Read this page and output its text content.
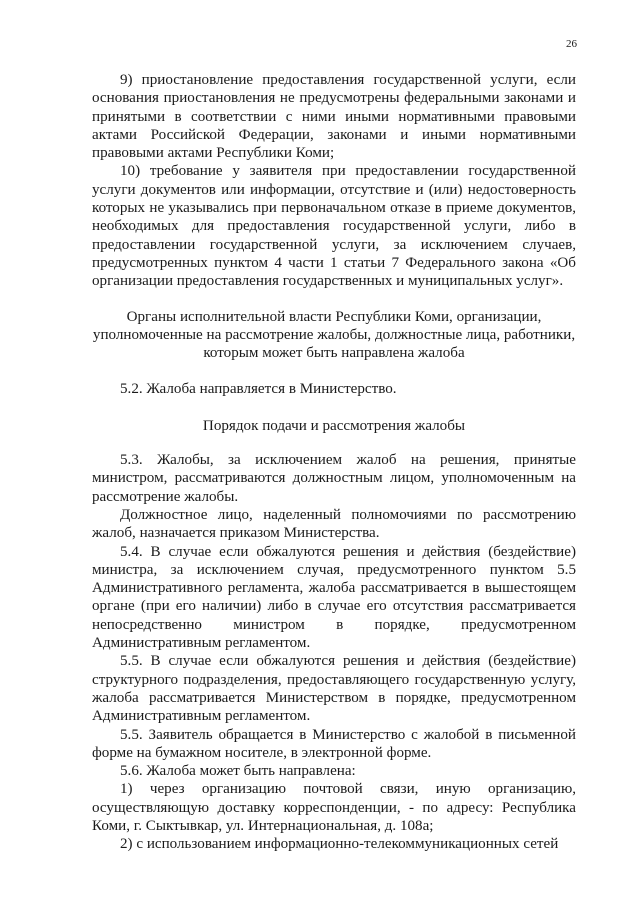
26

9) приостановление предоставления государственной услуги, если основания приостановления не предусмотрены федеральными законами и принятыми в соответствии с ними иными нормативными правовыми актами Российской Федерации, законами и иными нормативными правовыми актами Республики Коми;

10) требование у заявителя при предоставлении государственной услуги документов или информации, отсутствие и (или) недостоверность которых не указывались при первоначальном отказе в приеме документов, необходимых для предоставления государственной услуги, либо в предоставлении государственной услуги, за исключением случаев, предусмотренных пунктом 4 части 1 статьи 7 Федерального закона «Об организации предоставления государственных и муниципальных услуг».

Органы исполнительной власти Республики Коми, организации, уполномоченные на рассмотрение жалобы, должностные лица, работники, которым может быть направлена жалоба

5.2. Жалоба направляется в Министерство.

Порядок подачи и рассмотрения жалобы

5.3. Жалобы, за исключением жалоб на решения, принятые министром, рассматриваются должностным лицом, уполномоченным на рассмотрение жалобы.

Должностное лицо, наделенный полномочиями по рассмотрению жалоб, назначается приказом Министерства.

5.4. В случае если обжалуются решения и действия (бездействие) министра, за исключением случая, предусмотренного пунктом 5.5 Административного регламента, жалоба рассматривается в вышестоящем органе (при его наличии) либо в случае его отсутствия рассматривается непосредственно министром в порядке, предусмотренном Административным регламентом.

5.5. В случае если обжалуются решения и действия (бездействие) структурного подразделения, предоставляющего государственную услугу, жалоба рассматривается Министерством в порядке, предусмотренном Административным регламентом.

5.5. Заявитель обращается в Министерство с жалобой в письменной форме на бумажном носителе, в электронной форме.

5.6. Жалоба может быть направлена:

1) через организацию почтовой связи, иную организацию, осуществляющую доставку корреспонденции, - по адресу: Республика Коми, г. Сыктывкар, ул. Интернациональная, д. 108а;

2) с использованием информационно-телекоммуникационных сетей
